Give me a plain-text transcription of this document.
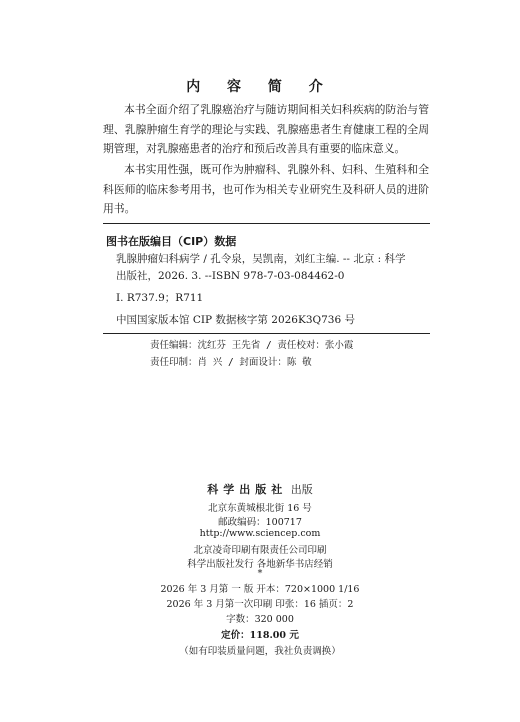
内 容 简 介
本书全面介绍了乳腺癌治疗与随访期间相关妇科疾病的防治与管理、乳腺肿瘤生育学的理论与实践、乳腺癌患者生育健康工程的全周期管理，对乳腺癌患者的治疗和预后改善具有重要的临床意义。
本书实用性强，既可作为肿瘤科、乳腺外科、妇科、生殖科和全科医师的临床参考用书，也可作为相关专业研究生及科研人员的进阶用书。
图书在版编目（CIP）数据
乳腺肿瘤妇科病学 / 孔令泉，吴凯南，刘红主编. -- 北京 : 科学
出版社，2026. 3. --ISBN 978-7-03-084462-0
Ⅰ. R737.9；R711
中国国家版本馆 CIP 数据核字第 2026K3Q736 号
责任编辑：沈红芬 王先省 / 责任校对：张小霞
责任印制：肖 兴 / 封面设计：陈 敬
科学出版社 出版
北京东黄城根北街 16 号
邮政编码：100717
http://www.sciencep.com
北京凌奇印刷有限责任公司印刷
科学出版社发行 各地新华书店经销
*
2026 年 3 月第 一 版 开本：720×1000 1/16
2026 年 3 月第一次印刷 印张：16 插页：2
字数：320 000
定价：118.00 元
（如有印装质量问题，我社负责调换）
